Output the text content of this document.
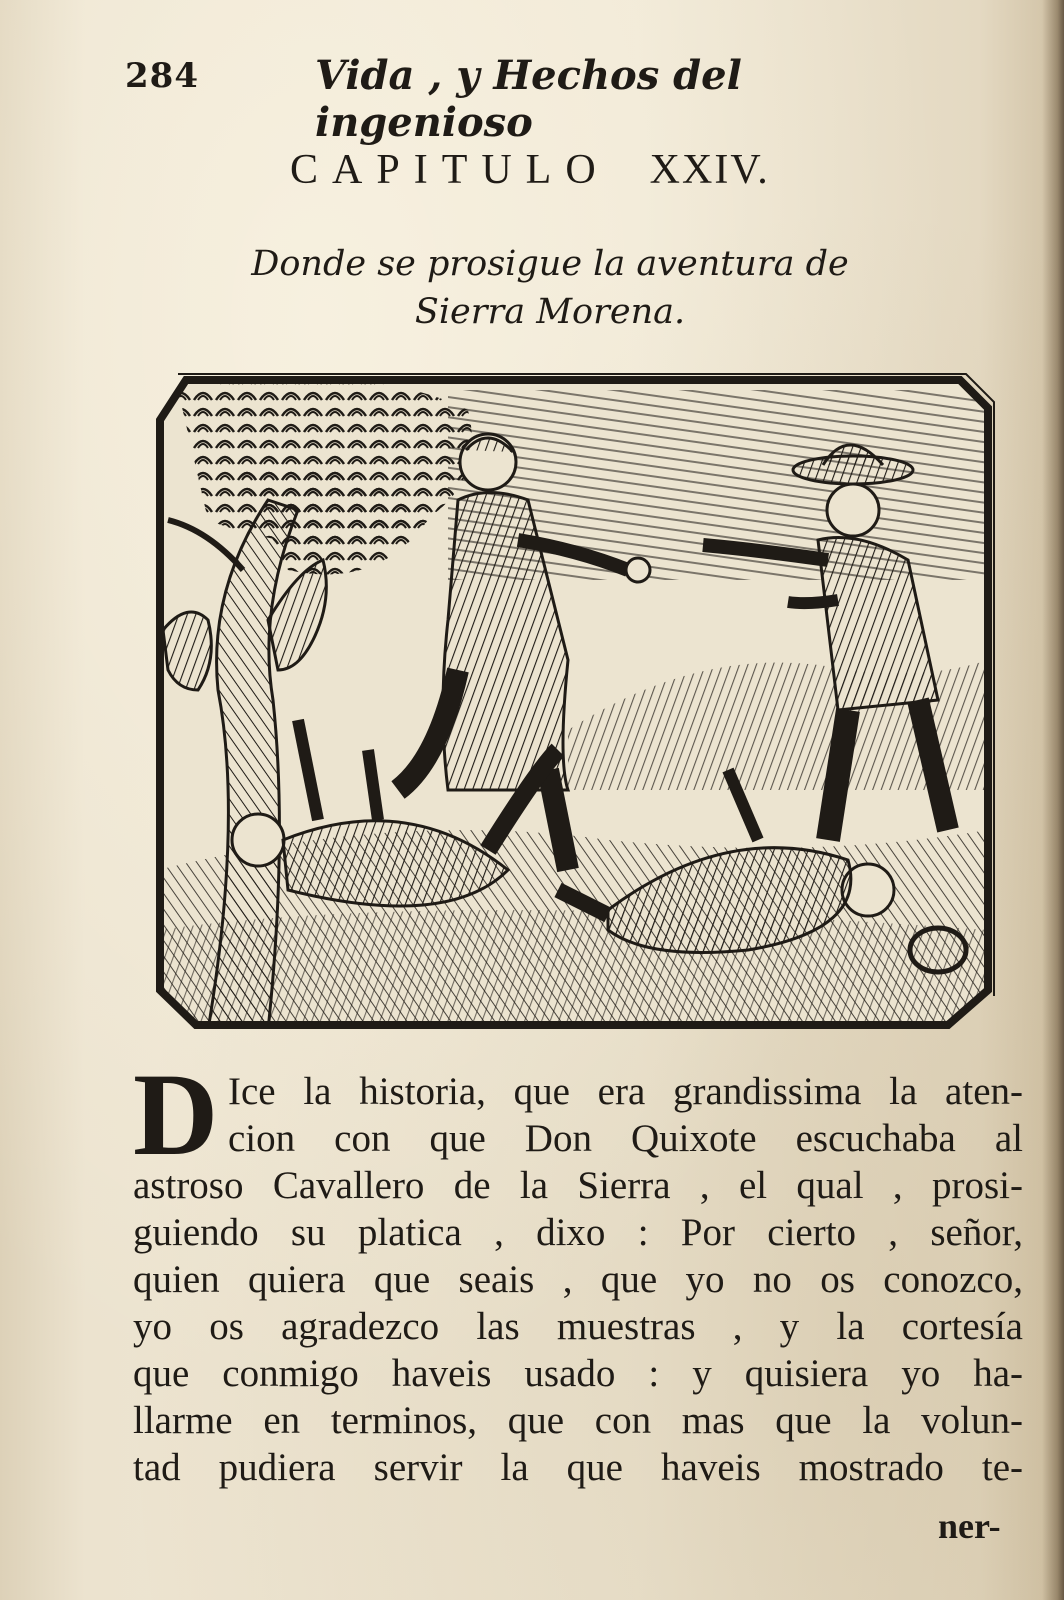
284	Vida , y Hechos del ingenioso
CAPITULO XXIV.
Donde se prosigue la aventura de
Sierra Morena.
D Ice la historia, que era grandissima la aten-
cion con que Don Quixote escuchaba al
astroso Cavallero de la Sierra , el qual , prosi-
guiendo su platica , dixo : Por cierto , señor,
quien quiera que seais , que yo no os conozco,
yo os agradezco las muestras , y la cortesía
que conmigo haveis usado : y quisiera yo ha-
llarme en terminos, que con mas que la volun-
tad pudiera servir la que haveis mostrado te-
ner-
